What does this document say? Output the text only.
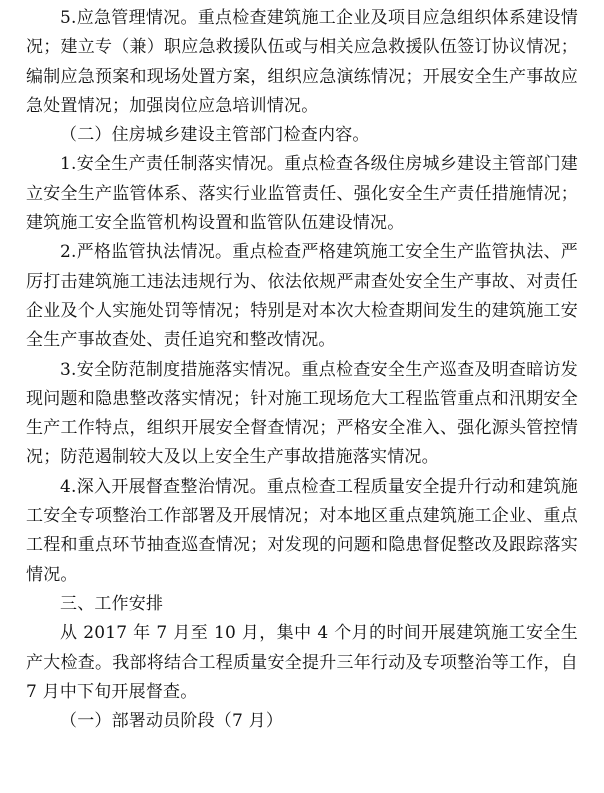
5.应急管理情况。重点检查建筑施工企业及项目应急组织体系建设情况；建立专（兼）职应急救援队伍或与相关应急救援队伍签订协议情况；编制应急预案和现场处置方案，组织应急演练情况；开展安全生产事故应急处置情况；加强岗位应急培训情况。

（二）住房城乡建设主管部门检查内容。

1.安全生产责任制落实情况。重点检查各级住房城乡建设主管部门建立安全生产监管体系、落实行业监管责任、强化安全生产责任措施情况；建筑施工安全监管机构设置和监管队伍建设情况。

2.严格监管执法情况。重点检查严格建筑施工安全生产监管执法、严厉打击建筑施工违法违规行为、依法依规严肃查处安全生产事故、对责任企业及个人实施处罚等情况；特别是对本次大检查期间发生的建筑施工安全生产事故查处、责任追究和整改情况。

3.安全防范制度措施落实情况。重点检查安全生产巡查及明查暗访发现问题和隐患整改落实情况；针对施工现场危大工程监管重点和汛期安全生产工作特点，组织开展安全督查情况；严格安全准入、强化源头管控情况；防范遏制较大及以上安全生产事故措施落实情况。

4.深入开展督查整治情况。重点检查工程质量安全提升行动和建筑施工安全专项整治工作部署及开展情况；对本地区重点建筑施工企业、重点工程和重点环节抽查巡查情况；对发现的问题和隐患督促整改及跟踪落实情况。

三、工作安排

从 2017 年 7 月至 10 月，集中 4 个月的时间开展建筑施工安全生产大检查。我部将结合工程质量安全提升三年行动及专项整治等工作，自 7 月中下旬开展督查。

（一）部署动员阶段（7 月）
